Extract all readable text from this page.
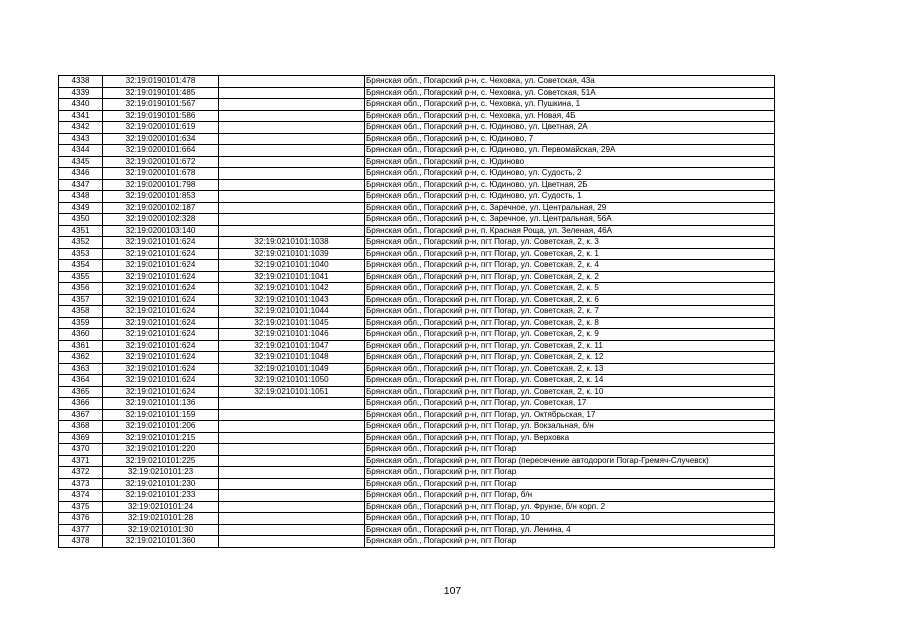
4338	32:19:0190101:478		Брянская обл., Погарский р-н, с. Чеховка, ул. Советская, 43а
4339	32:19:0190101:485		Брянская обл., Погарский р-н, с. Чеховка, ул. Советская, 51А
4340	32:19:0190101:567		Брянская обл., Погарский р-н, с. Чеховка, ул. Пушкина, 1
4341	32:19:0190101:586		Брянская обл., Погарский р-н, с. Чеховка, ул. Новая, 4Б
4342	32:19:0200101:619		Брянская обл., Погарский р-н, с. Юдиново, ул. Цветная, 2А
4343	32:19:0200101:634		Брянская обл., Погарский р-н, с. Юдиново, 7
4344	32:19:0200101:664		Брянская обл., Погарский р-н, с. Юдиново, ул. Первомайская, 29А
4345	32:19:0200101:672		Брянская обл., Погарский р-н, с. Юдиново
4346	32:19:0200101:678		Брянская обл., Погарский р-н, с. Юдиново, ул. Судость, 2
4347	32:19:0200101:798		Брянская обл., Погарский р-н, с. Юдиново, ул. Цветная, 2Б
4348	32:19:0200101:853		Брянская обл., Погарский р-н, с. Юдиново, ул. Судость, 1
4349	32:19:0200102:187		Брянская обл., Погарский р-н, с. Заречное, ул. Центральная, 29
4350	32:19:0200102:328		Брянская обл., Погарский р-н, с. Заречное, ул. Центральная, 56А
4351	32:19:0200103:140		Брянская обл., Погарский р-н, п. Красная Роща, ул. Зеленая, 46А
4352	32:19:0210101:624	32:19:0210101:1038	Брянская обл., Погарский р-н, пгт Погар, ул. Советская, 2, к. 3
4353	32:19:0210101:624	32:19:0210101:1039	Брянская обл., Погарский р-н, пгт Погар, ул. Советская, 2, к. 1
4354	32:19:0210101:624	32:19:0210101:1040	Брянская обл., Погарский р-н, пгт Погар, ул. Советская, 2, к. 4
4355	32:19:0210101:624	32:19:0210101:1041	Брянская обл., Погарский р-н, пгт Погар, ул. Советская, 2, к. 2
4356	32:19:0210101:624	32:19:0210101:1042	Брянская обл., Погарский р-н, пгт Погар, ул. Советская, 2, к. 5
4357	32:19:0210101:624	32:19:0210101:1043	Брянская обл., Погарский р-н, пгт Погар, ул. Советская, 2, к. 6
4358	32:19:0210101:624	32:19:0210101:1044	Брянская обл., Погарский р-н, пгт Погар, ул. Советская, 2, к. 7
4359	32:19:0210101:624	32:19:0210101:1045	Брянская обл., Погарский р-н, пгт Погар, ул. Советская, 2, к. 8
4360	32:19:0210101:624	32:19:0210101:1046	Брянская обл., Погарский р-н, пгт Погар, ул. Советская, 2, к. 9
4361	32:19:0210101:624	32:19:0210101:1047	Брянская обл., Погарский р-н, пгт Погар, ул. Советская, 2, к. 11
4362	32:19:0210101:624	32:19:0210101:1048	Брянская обл., Погарский р-н, пгт Погар, ул. Советская, 2, к. 12
4363	32:19:0210101:624	32:19:0210101:1049	Брянская обл., Погарский р-н, пгт Погар, ул. Советская, 2, к. 13
4364	32:19:0210101:624	32:19:0210101:1050	Брянская обл., Погарский р-н, пгт Погар, ул. Советская, 2, к. 14
4365	32:19:0210101:624	32:19:0210101:1051	Брянская обл., Погарский р-н, пгт Погар, ул. Советская, 2, к. 10
4366	32:19:0210101:136		Брянская обл., Погарский р-н, пгт Погар, ул. Советская, 17
4367	32:19:0210101:159		Брянская обл., Погарский р-н, пгт Погар, ул. Октябрьская, 17
4368	32:19:0210101:206		Брянская обл., Погарский р-н, пгт Погар, ул. Вокзальная, б/н
4369	32:19:0210101:215		Брянская обл., Погарский р-н, пгт Погар, ул. Верховка
4370	32:19:0210101:220		Брянская обл., Погарский р-н, пгт Погар
4371	32:19:0210101:225		Брянская обл., Погарский р-н, пгт Погар (пересечение автодороги Погар-Гремяч-Случевск)
4372	32:19:0210101:23		Брянская обл., Погарский р-н, пгт Погар
4373	32:19:0210101:230		Брянская обл., Погарский р-н, пгт Погар
4374	32:19:0210101:233		Брянская обл., Погарский р-н, пгт Погар, б/н
4375	32:19:0210101:24		Брянская обл., Погарский р-н, пгт Погар, ул. Фрунзе, б/н корп. 2
4376	32:19:0210101:28		Брянская обл., Погарский р-н, пгт Погар, 10
4377	32:19:0210101:30		Брянская обл., Погарский р-н, пгт Погар, ул. Ленина, 4
4378	32:19:0210101:360		Брянская обл., Погарский р-н, пгт Погар
107
